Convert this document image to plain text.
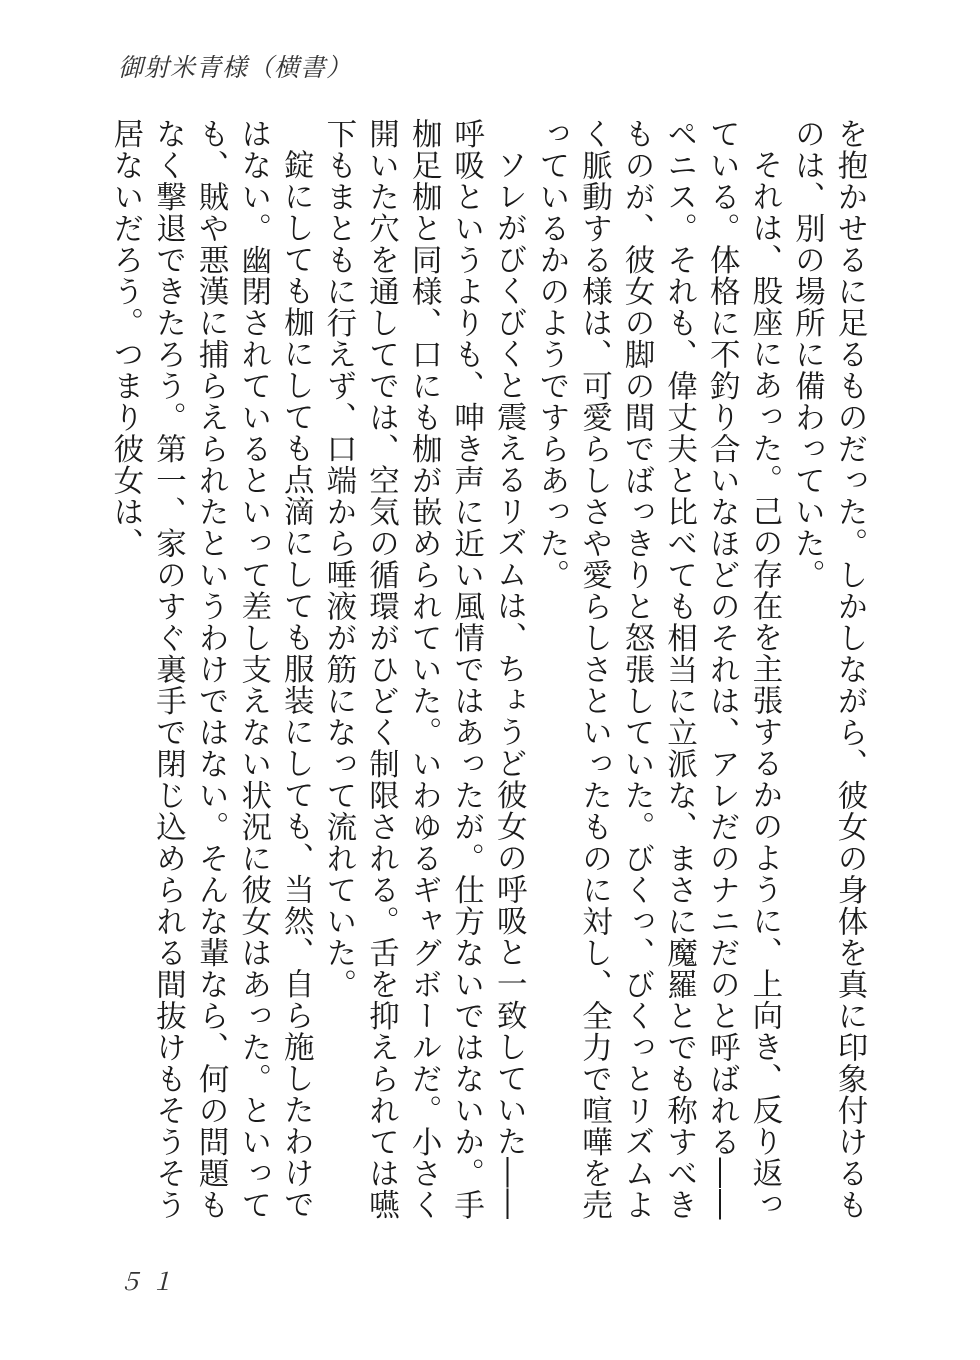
御射米青様（横書）

を抱かせるに足るものだった。しかしながら、彼女の身体を真に印象付けるものは、別の場所に備わっていた。

それは、股座にあった。己の存在を主張するかのように、上向き、反り返っている。体格に不釣り合いなほどのそれは、アレだのナニだのと呼ばれる――ペニス。それも、偉丈夫と比べても相当に立派な、まさに魔羅とでも称すべきものが、彼女の脚の間でばっきりと怒張していた。びくっ、びくっとリズムよく脈動する様は、可愛らしさや愛らしさといったものに対し、全力で喧嘩を売っているかのようですらあった。

ソレがびくびくと震えるリズムは、ちょうど彼女の呼吸と一致していた――呼吸というよりも、呻き声に近い風情ではあったが。仕方ないではないか。手枷足枷と同様、口にも枷が嵌められていた。いわゆるギャグボールだ。小さく開いた穴を通してでは、空気の循環がひどく制限される。舌を抑えられては嚥下もまともに行えず、口端から唾液が筋になって流れていた。

錠にしても枷にしても点滴にしても服装にしても、当然、自ら施したわけではない。幽閉されているといって差し支えない状況に彼女はあった。といっても、賊や悪漢に捕らえられたというわけではない。そんな輩なら、何の問題もなく撃退できたろう。第一、家のすぐ裏手で閉じ込められる間抜けもそうそう居ないだろう。つまり彼女は、

５１
